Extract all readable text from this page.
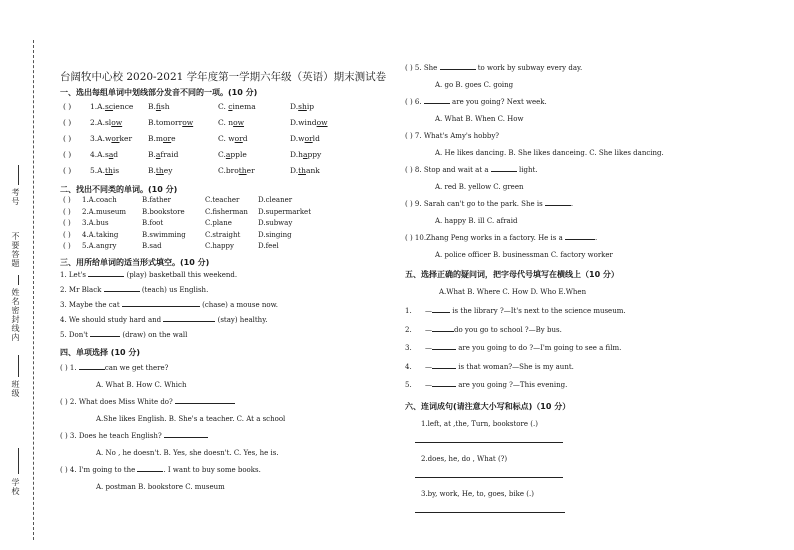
考号
不要答题
姓名
密封线内
班级
学校
台阔牧中心校 2020-2021 学年度第一学期六年级（英语）期末测试卷
一、选出每组单词中划线部分发音不同的一项。(10 分)
( )	1.A.science B.fish	C. cinema	D.ship
( )	2.A.slow	B.tomorrow	C. now	D.window
( )	3.A.worker B.more	C. word	D.world
( )	4.A.sad	B.afraid	C.apple	D.happy
( )	5.A.this	B.they	C.brother	D.thank
二、找出不同类的单词。(10 分)
( ) 1.A.coach	B.father	C.teacher	D.cleaner
( ) 2.A.museum B.bookstore	C.fisherman D.supermarket
( ) 3.A.bus	B.foot	C.plane	D.subway
( ) 4.A.taking	B.swimming	C.straight	D.singing
( ) 5.A.angry	B.sad	C.happy	D.feel
三、用所给单词的适当形式填空。(10 分)
1. Let's	(play) basketball this weekend.
2. Mr Black	(teach) us English.
3. Maybe the cat	(chase) a mouse now.
4. We should study hard and	(stay) healthy.
5. Don't	(draw) on the wall
四、单项选择 (10 分)
( ) 1.	can we get there?
A. What B. How C. Which
( ) 2. What does Miss White do?
A.She likes English. B. She's a teacher. C. At a school
( ) 3. Does he teach English?
A. No , he doesn't. B. Yes, she doesn't. C. Yes, he is.
( ) 4. I'm going to the	. I want to buy some books.
A. postman B. bookstore C. museum
( ) 5. She	to work by subway every day.
A. go B. goes C. going
( ) 6.	are you going? Next week.
A. What B. When C. How
( ) 7. What's Amy's hobby?
A. He likes dancing. B. She likes danceing. C. She likes dancing.
( ) 8. Stop and wait at a	light.
A. red B. yellow C. green
( ) 9. Sarah can't go to the park. She is	.
A. happy B. ill C. afraid
( ) 10.Zhang Peng works in a factory. He is a	.
A. police officer B. businessman C. factory worker
五、选择正确的疑问词，把字母代号填写在横线上（10 分）
A.What B. Where C. How D. Who E.When
1. —	is the library ?—It's next to the science museum.
2. —	do you go to school ?—By bus.
3. —	are you going to do ?—I'm going to see a film.
4. —	is that woman?—She is my aunt.
5. —	are you going ?—This evening.
六、连词成句(请注意大小写和标点)（10 分）
1.left, at ,the, Turn, bookstore (.)
2.does, he, do , What (?)
3.by, work, He, to, goes, bike (.)
